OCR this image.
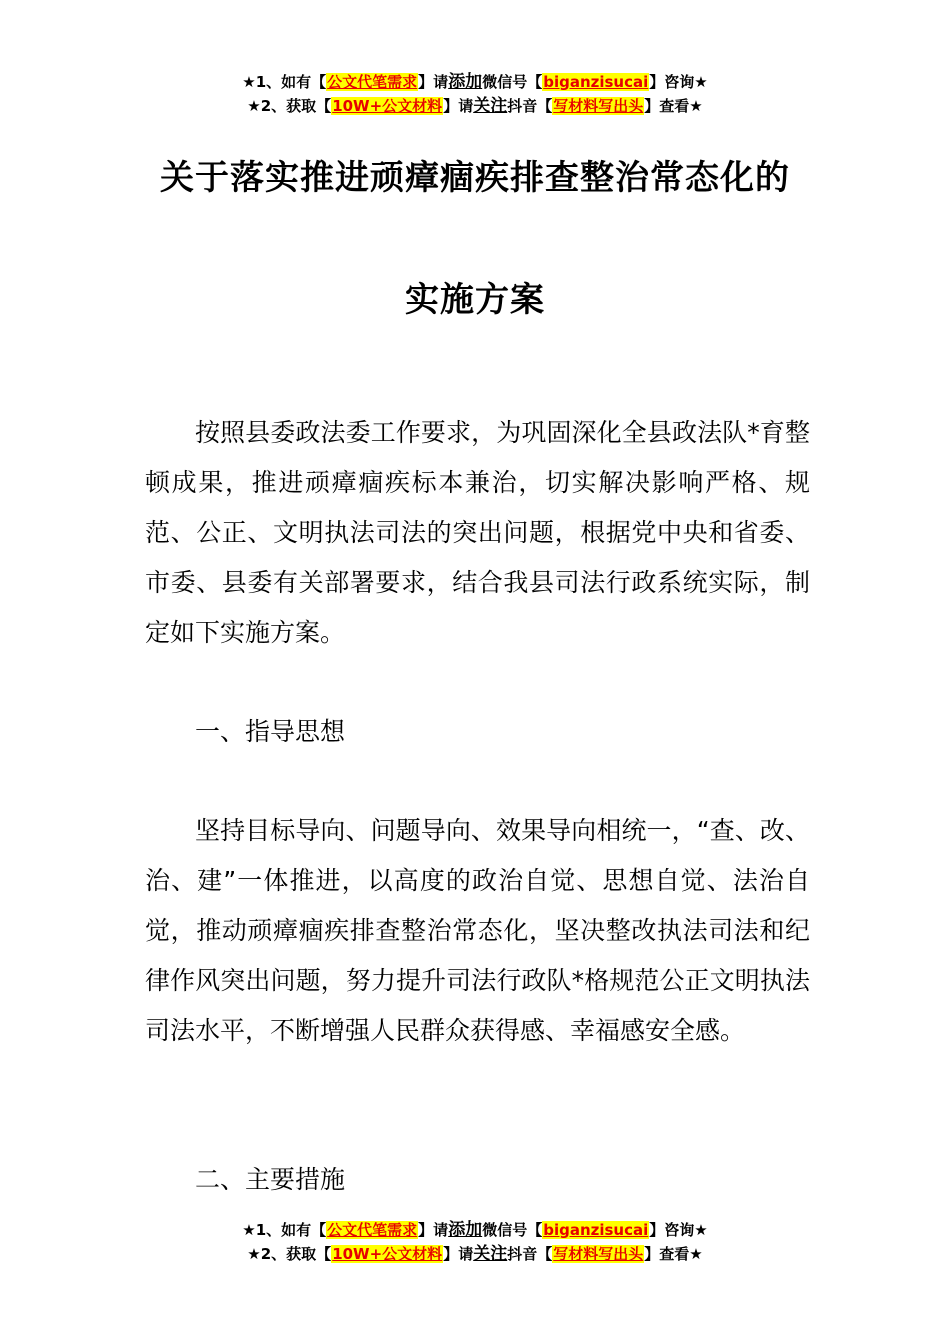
★1、如有【公文代笔需求】请添加微信号【biganzisucai】咨询★
★2、获取【10W+公文材料】请关注抖音【写材料写出头】查看★
关于落实推进顽瘴痼疾排查整治常态化的
实施方案

按照县委政法委工作要求，为巩固深化全县政法队*育整顿成果，推进顽瘴痼疾标本兼治，切实解决影响严格、规范、公正、文明执法司法的突出问题，根据党中央和省委、市委、县委有关部署要求，结合我县司法行政系统实际，制定如下实施方案。

一、指导思想

坚持目标导向、问题导向、效果导向相统一，“查、改、治、建”一体推进，以高度的政治自觉、思想自觉、法治自觉，推动顽瘴痼疾排查整治常态化，坚决整改执法司法和纪律作风突出问题，努力提升司法行政队*格规范公正文明执法司法水平，不断增强人民群众获得感、幸福感安全感。

二、主要措施

★1、如有【公文代笔需求】请添加微信号【biganzisucai】咨询★
★2、获取【10W+公文材料】请关注抖音【写材料写出头】查看★
